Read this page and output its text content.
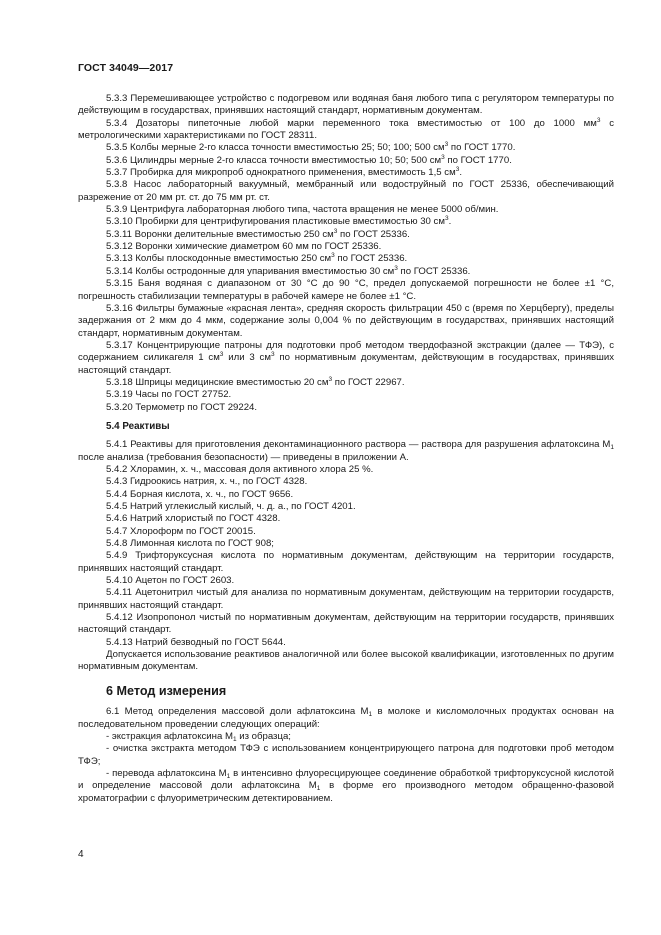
ГОСТ 34049—2017

5.3.3 Перемешивающее устройство с подогревом или водяная баня любого типа с регулятором температуры по действующим в государствах, принявших настоящий стандарт, нормативным документам.

5.3.4 Дозаторы пипеточные любой марки переменного тока вместимостью от 100 до 1000 $мм^3$ с метрологическими характеристиками по ГОСТ 28311.

5.3.5 Колбы мерные 2-го класса точности вместимостью 25; 50; 100; 500 $см^3$ по ГОСТ 1770.

5.3.6 Цилиндры мерные 2-го класса точности вместимостью 10; 50; 500 $см^3$ по ГОСТ 1770.

5.3.7 Пробирка для микропроб однократного применения, вместимость 1,5 $см^3$.

5.3.8 Насос лабораторный вакуумный, мембранный или водоструйный по ГОСТ 25336, обеспечивающий разрежение от 20 мм рт. ст. до 75 мм рт. ст.

5.3.9 Центрифуга лабораторная любого типа, частота вращения не менее 5000 об/мин.

5.3.10 Пробирки для центрифугирования пластиковые вместимостью 30 $см^3$.

5.3.11 Воронки делительные вместимостью 250 $см^3$ по ГОСТ 25336.

5.3.12 Воронки химические диаметром 60 мм по ГОСТ 25336.

5.3.13 Колбы плоскодонные вместимостью 250 $см^3$ по ГОСТ 25336.

5.3.14 Колбы остродонные для упаривания вместимостью 30 $см^3$ по ГОСТ 25336.

5.3.15 Баня водяная с диапазоном от 30 °С до 90 °С, предел допускаемой погрешности не более ±1 °С, погрешность стабилизации температуры в рабочей камере не более ±1 °С.

5.3.16 Фильтры бумажные «красная лента», средняя скорость фильтрации 450 с (время по Херцбергу), пределы задержания от 2 мкм до 4 мкм, содержание золы 0,004 % по действующим в государствах, принявших настоящий стандарт, нормативным документам.

5.3.17 Концентрирующие патроны для подготовки проб методом твердофазной экстракции (далее — ТФЭ), с содержанием силикагеля 1 $см^3$ или 3 $см^3$ по нормативным документам, действующим в государствах, принявших настоящий стандарт.

5.3.18 Шприцы медицинские вместимостью 20 $см^3$ по ГОСТ 22967.

5.3.19 Часы по ГОСТ 27752.

5.3.20 Термометр по ГОСТ 29224.

5.4 Реактивы

5.4.1 Реактивы для приготовления деконтаминационного раствора — раствора для разрушения афлатоксина $М_1$ после анализа (требования безопасности) — приведены в приложении А.

5.4.2 Хлорамин, х. ч., массовая доля активного хлора 25 %.

5.4.3 Гидроокись натрия, х. ч., по ГОСТ 4328.

5.4.4 Борная кислота, х. ч., по ГОСТ 9656.

5.4.5 Натрий углекислый кислый, ч. д. а., по ГОСТ 4201.

5.4.6 Натрий хлористый по ГОСТ 4328.

5.4.7 Хлороформ по ГОСТ 20015.

5.4.8 Лимонная кислота по ГОСТ 908;

5.4.9 Трифторуксусная кислота по нормативным документам, действующим на территории государств, принявших настоящий стандарт.

5.4.10 Ацетон по ГОСТ 2603.

5.4.11 Ацетонитрил чистый для анализа по нормативным документам, действующим на территории государств, принявших настоящий стандарт.

5.4.12 Изопропонол чистый по нормативным документам, действующим на территории государств, принявших настоящий стандарт.

5.4.13 Натрий безводный по ГОСТ 5644.

Допускается использование реактивов аналогичной или более высокой квалификации, изготовленных по другим нормативным документам.

6 Метод измерения

6.1 Метод определения массовой доли афлатоксина $М_1$ в молоке и кисломолочных продуктах основан на последовательном проведении следующих операций:

- экстракция афлатоксина $М_1$ из образца;

- очистка экстракта методом ТФЭ с использованием концентрирующего патрона для подготовки проб методом ТФЭ;

- перевода афлатоксина $М_1$ в интенсивно флуоресцирующее соединение обработкой трифторуксусной кислотой и определение массовой доли афлатоксина $М_1$ в форме его производного методом обращенно-фазовой хроматографии с флуориметрическим детектированием.

4
